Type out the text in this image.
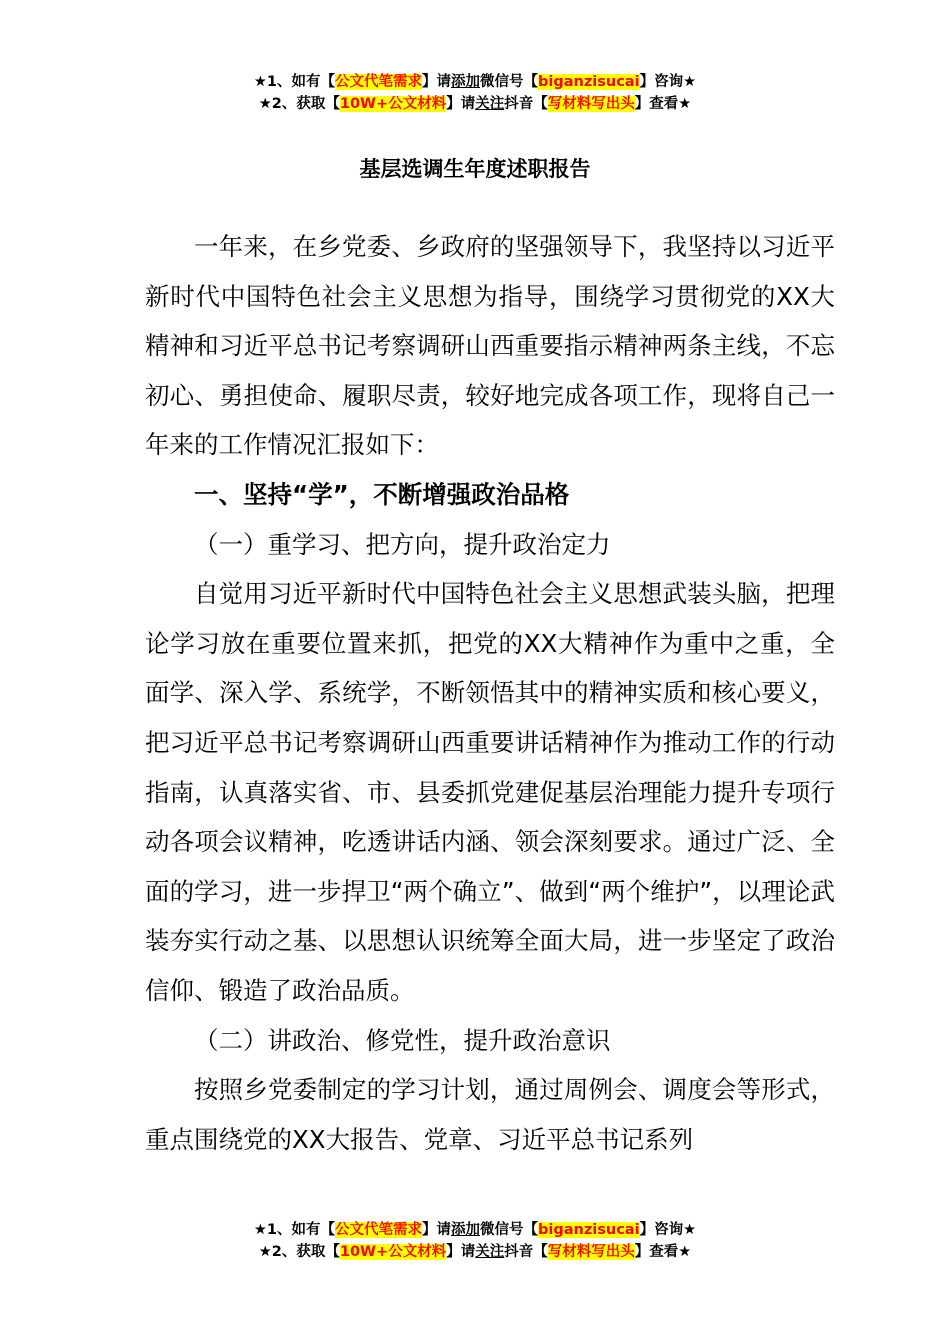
★1、如有【公文代笔需求】请添加微信号【biganzisucai】咨询★
★2、获取【10W+公文材料】请关注抖音【写材料写出头】查看★
基层选调生年度述职报告

一年来，在乡党委、乡政府的坚强领导下，我坚持以习近平新时代中国特色社会主义思想为指导，围绕学习贯彻党的XX大精神和习近平总书记考察调研山西重要指示精神两条主线，不忘初心、勇担使命、履职尽责，较好地完成各项工作，现将自己一年来的工作情况汇报如下：

一、坚持“学”，不断增强政治品格

（一）重学习、把方向，提升政治定力

自觉用习近平新时代中国特色社会主义思想武装头脑，把理论学习放在重要位置来抓，把党的XX大精神作为重中之重，全面学、深入学、系统学，不断领悟其中的精神实质和核心要义，把习近平总书记考察调研山西重要讲话精神作为推动工作的行动指南，认真落实省、市、县委抓党建促基层治理能力提升专项行动各项会议精神，吃透讲话内涵、领会深刻要求。通过广泛、全面的学习，进一步捍卫“两个确立”、做到“两个维护”，以理论武装夯实行动之基、以思想认识统筹全面大局，进一步坚定了政治信仰、锻造了政治品质。

（二）讲政治、修党性，提升政治意识

按照乡党委制定的学习计划，通过周例会、调度会等形式，重点围绕党的XX大报告、党章、习近平总书记系列

★1、如有【公文代笔需求】请添加微信号【biganzisucai】咨询★
★2、获取【10W+公文材料】请关注抖音【写材料写出头】查看★
